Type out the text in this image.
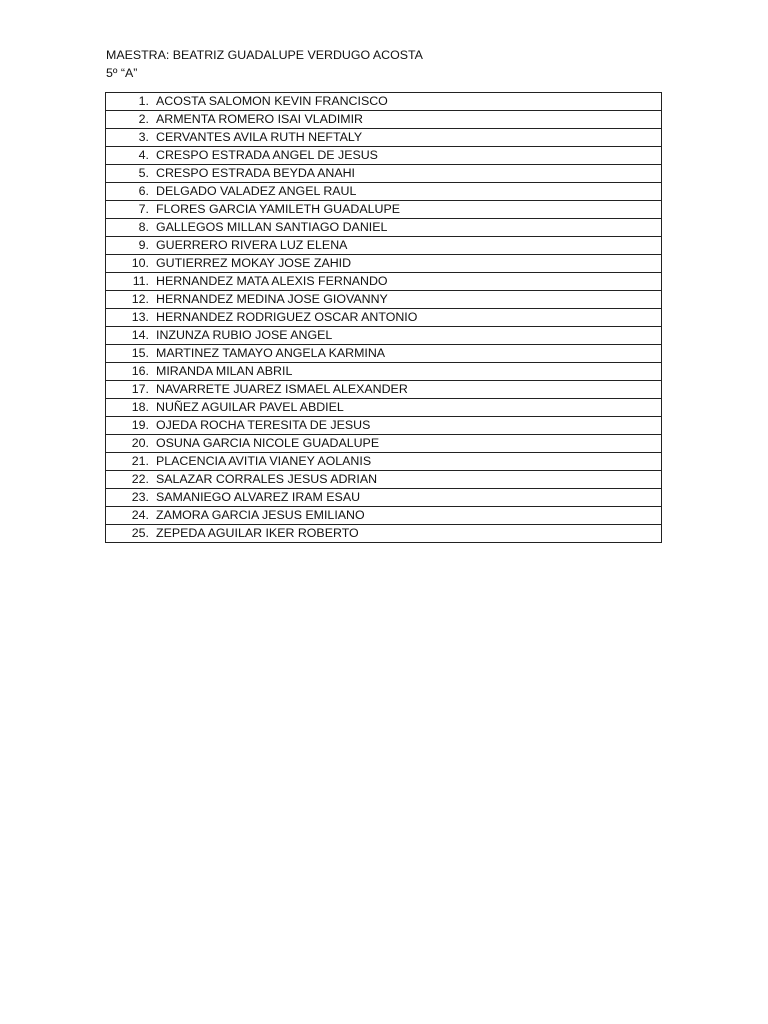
MAESTRA: BEATRIZ GUADALUPE VERDUGO ACOSTA
5º “A”
1. ACOSTA SALOMON KEVIN FRANCISCO
2. ARMENTA ROMERO ISAI VLADIMIR
3. CERVANTES AVILA RUTH NEFTALY
4. CRESPO ESTRADA ANGEL DE JESUS
5. CRESPO ESTRADA BEYDA ANAHI
6. DELGADO VALADEZ ANGEL RAUL
7. FLORES GARCIA YAMILETH GUADALUPE
8. GALLEGOS MILLAN SANTIAGO DANIEL
9. GUERRERO RIVERA LUZ ELENA
10. GUTIERREZ MOKAY JOSE ZAHID
11. HERNANDEZ MATA ALEXIS FERNANDO
12. HERNANDEZ MEDINA JOSE GIOVANNY
13. HERNANDEZ RODRIGUEZ OSCAR ANTONIO
14. INZUNZA RUBIO JOSE ANGEL
15. MARTINEZ TAMAYO ANGELA KARMINA
16. MIRANDA MILAN ABRIL
17. NAVARRETE JUAREZ ISMAEL ALEXANDER
18. NUÑEZ AGUILAR PAVEL ABDIEL
19. OJEDA ROCHA TERESITA DE JESUS
20. OSUNA GARCIA NICOLE GUADALUPE
21. PLACENCIA AVITIA VIANEY AOLANIS
22. SALAZAR CORRALES JESUS ADRIAN
23. SAMANIEGO ALVAREZ IRAM ESAU
24. ZAMORA GARCIA JESUS EMILIANO
25. ZEPEDA AGUILAR IKER ROBERTO
